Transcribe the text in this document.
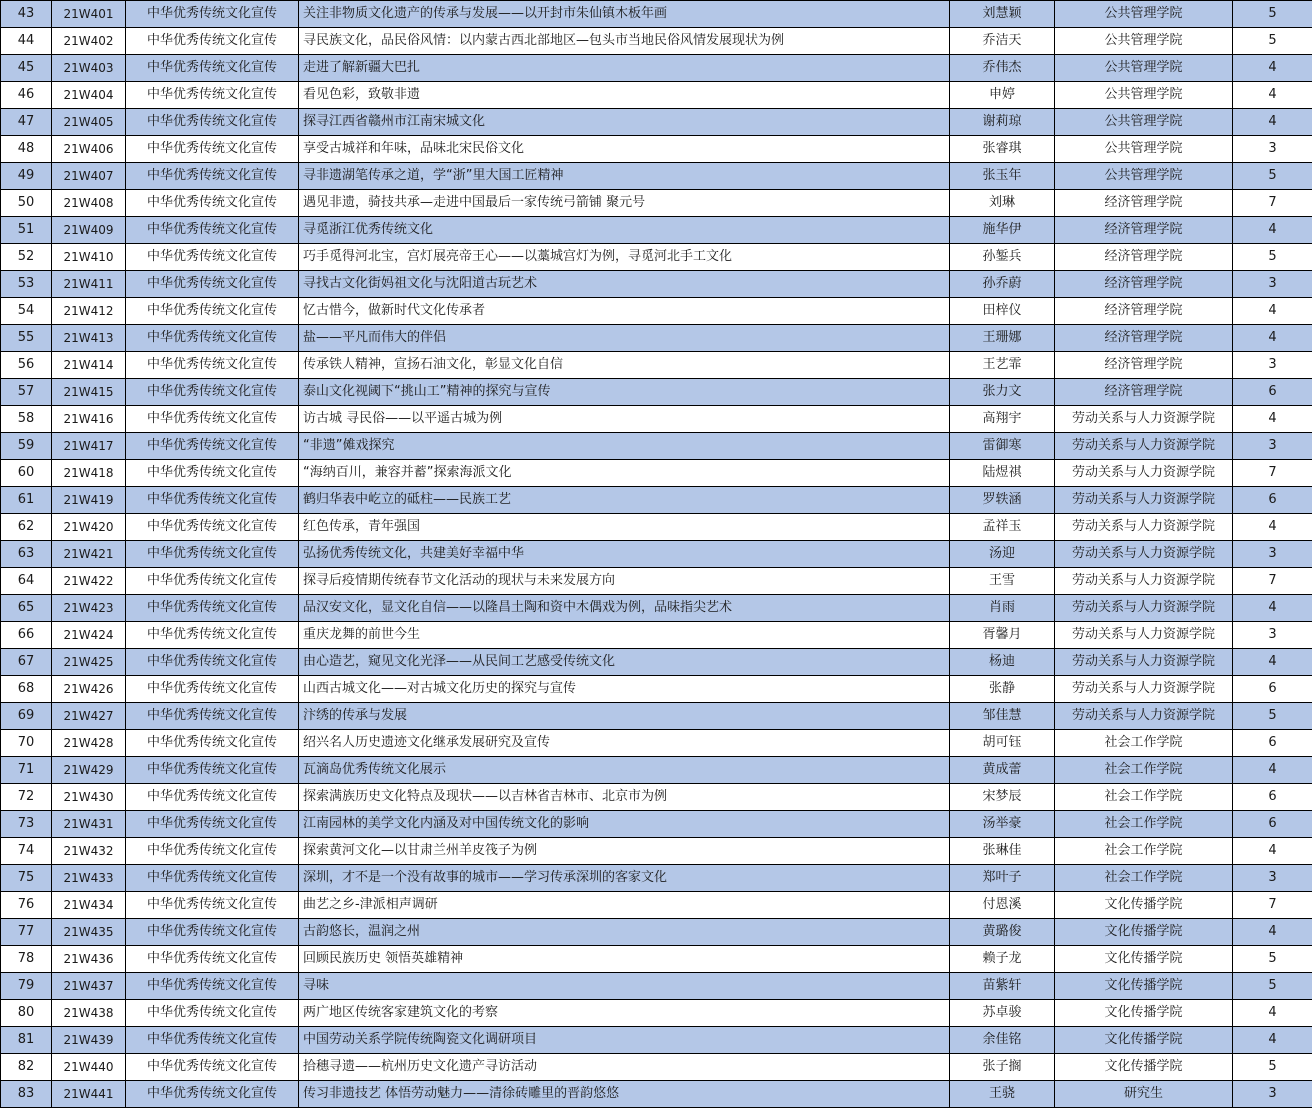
43	21W401	中华优秀传统文化宣传	关注非物质文化遗产的传承与发展——以开封市朱仙镇木板年画	刘慧颖	公共管理学院	5
44	21W402	中华优秀传统文化宣传	寻民族文化，品民俗风情：以内蒙古西北部地区—包头市当地民俗风情发展现状为例	乔洁天	公共管理学院	5
45	21W403	中华优秀传统文化宣传	走进了解新疆大巴扎	乔伟杰	公共管理学院	4
46	21W404	中华优秀传统文化宣传	看见色彩，致敬非遗	申婷	公共管理学院	4
47	21W405	中华优秀传统文化宣传	探寻江西省赣州市江南宋城文化	谢莉琼	公共管理学院	4
48	21W406	中华优秀传统文化宣传	享受古城祥和年味，品味北宋民俗文化	张睿琪	公共管理学院	3
49	21W407	中华优秀传统文化宣传	寻非遗湖笔传承之道，学“浙”里大国工匠精神	张玉年	公共管理学院	5
50	21W408	中华优秀传统文化宣传	遇见非遗，骑技共承—走进中国最后一家传统弓箭铺 聚元号	刘琳	经济管理学院	7
51	21W409	中华优秀传统文化宣传	寻觅浙江优秀传统文化	施华伊	经济管理学院	4
52	21W410	中华优秀传统文化宣传	巧手觅得河北宝，宫灯展亮帝王心——以藁城宫灯为例，寻觅河北手工文化	孙錾兵	经济管理学院	5
53	21W411	中华优秀传统文化宣传	寻找古文化街妈祖文化与沈阳道古玩艺术	孙乔蔚	经济管理学院	3
54	21W412	中华优秀传统文化宣传	忆古惜今，做新时代文化传承者	田梓仪	经济管理学院	4
55	21W413	中华优秀传统文化宣传	盐——平凡而伟大的伴侣	王珊娜	经济管理学院	4
56	21W414	中华优秀传统文化宣传	传承铁人精神，宣扬石油文化，彰显文化自信	王艺霏	经济管理学院	3
57	21W415	中华优秀传统文化宣传	泰山文化视阈下“挑山工”精神的探究与宣传	张力文	经济管理学院	6
58	21W416	中华优秀传统文化宣传	访古城 寻民俗——以平遥古城为例	高翔宇	劳动关系与人力资源学院	4
59	21W417	中华优秀传统文化宣传	“非遗”傩戏探究	雷御寒	劳动关系与人力资源学院	3
60	21W418	中华优秀传统文化宣传	“海纳百川，兼容并蓄”探索海派文化	陆煜祺	劳动关系与人力资源学院	7
61	21W419	中华优秀传统文化宣传	鹤归华表中屹立的砥柱——民族工艺	罗轶涵	劳动关系与人力资源学院	6
62	21W420	中华优秀传统文化宣传	红色传承，青年强国	孟祥玉	劳动关系与人力资源学院	4
63	21W421	中华优秀传统文化宣传	弘扬优秀传统文化，共建美好幸福中华	汤迎	劳动关系与人力资源学院	3
64	21W422	中华优秀传统文化宣传	探寻后疫情期传统春节文化活动的现状与未来发展方向	王雪	劳动关系与人力资源学院	7
65	21W423	中华优秀传统文化宣传	品汉安文化，显文化自信——以隆昌土陶和资中木偶戏为例，品味指尖艺术	肖雨	劳动关系与人力资源学院	4
66	21W424	中华优秀传统文化宣传	重庆龙舞的前世今生	胥馨月	劳动关系与人力资源学院	3
67	21W425	中华优秀传统文化宣传	由心造艺，窥见文化光泽——从民间工艺感受传统文化	杨迪	劳动关系与人力资源学院	4
68	21W426	中华优秀传统文化宣传	山西古城文化——对古城文化历史的探究与宣传	张静	劳动关系与人力资源学院	6
69	21W427	中华优秀传统文化宣传	汴绣的传承与发展	邹佳慧	劳动关系与人力资源学院	5
70	21W428	中华优秀传统文化宣传	绍兴名人历史遗迹文化继承发展研究及宣传	胡可钰	社会工作学院	6
71	21W429	中华优秀传统文化宣传	瓦滴岛优秀传统文化展示	黄成蕾	社会工作学院	4
72	21W430	中华优秀传统文化宣传	探索满族历史文化特点及现状——以吉林省吉林市、北京市为例	宋梦辰	社会工作学院	6
73	21W431	中华优秀传统文化宣传	江南园林的美学文化内涵及对中国传统文化的影响	汤举豪	社会工作学院	6
74	21W432	中华优秀传统文化宣传	探索黄河文化—以甘肃兰州羊皮筏子为例	张琳佳	社会工作学院	4
75	21W433	中华优秀传统文化宣传	深圳，才不是一个没有故事的城市——学习传承深圳的客家文化	郑叶子	社会工作学院	3
76	21W434	中华优秀传统文化宣传	曲艺之乡-津派相声调研	付恩溪	文化传播学院	7
77	21W435	中华优秀传统文化宣传	古韵悠长，温润之州	黄璐俊	文化传播学院	4
78	21W436	中华优秀传统文化宣传	回顾民族历史 领悟英雄精神	赖子龙	文化传播学院	5
79	21W437	中华优秀传统文化宣传	寻味	苗紫轩	文化传播学院	5
80	21W438	中华优秀传统文化宣传	两广地区传统客家建筑文化的考察	苏卓骏	文化传播学院	4
81	21W439	中华优秀传统文化宣传	中国劳动关系学院传统陶瓷文化调研项目	余佳铭	文化传播学院	4
82	21W440	中华优秀传统文化宣传	拾穗寻遗——杭州历史文化遗产寻访活动	张子搁	文化传播学院	5
83	21W441	中华优秀传统文化宣传	传习非遗技艺 体悟劳动魅力——清徐砖雕里的晋韵悠悠	王骁	研究生	3
